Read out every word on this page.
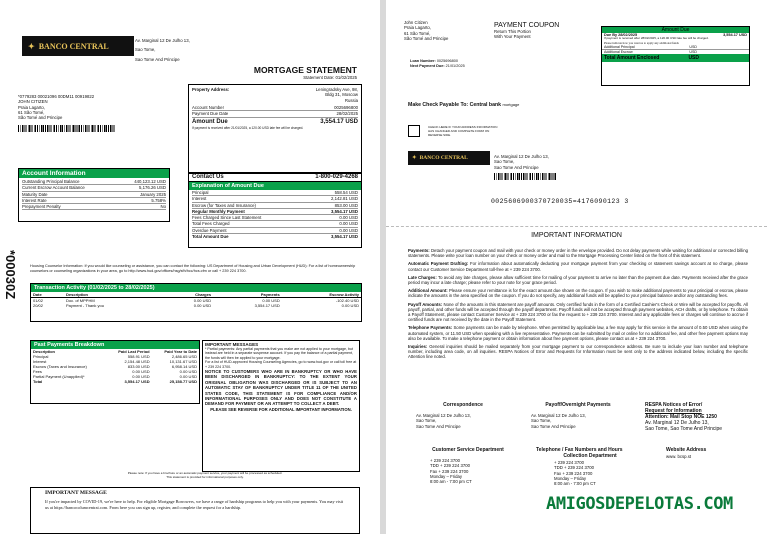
✦ BANCO CENTRAL
Av. Marginal 12 De Julho 13,
Sao Tome,
Sao Tome And Principe
MORTGAGE STATEMENT
Statement Date: 01/02/2025
*0779283 00021096 00DM11 00919822
JOHN CITIZEN
Praia Lagarto,
61 São Tomé,
São Tomé and Principe
Property Address:	Leningradsky Ave, 98,
Bldg 31, Moscow
Russia
Account Number	0025696800
Payment Due Date	28/02/2025
Amount Due	3,554.17 USD
If payment is received after 21/01/2025, a 120.00 USD late fee will be charged.
Account Information
Outstanding Principal Balance	440,123.12 USD
Current Escrow Account Balance	5,176.26 USD
Maturity Date	January 2025
Interest Rate	5.758%
Prepayment Penalty	No
Contact Us	1-800-029-4268
Explanation of Amount Due
Principal	558.54 USD
Interest	2,142.81 USD
Escrow (for Taxes and Insurance)	853.00 USD
Regular Monthly Payment	3,554.17 USD
Fees Charged Since Last Statement	0.00 USD
Total Fees Charged	0.00 USD
Overdue Payment	0.00 USD
Total Amount Due	3,554.17 USD
*00030Z	Housing Counselor Information: If you would like counseling or assistance, you can contact the following: US Department of Housing and Urban Development (HUD): For a list of homeownership counselors or counseling organizations in your area, go to http://www.hud.gov/offices/hsg/sfh/hcc/hcs.cfm or call + 239 224 3700.
Transaction Activity (01/02/2025 to 28/02/2025)
Date	Description	Charges	Payments	Escrow Activity
01/02	Doc. of MPPHM	0.00 USD	0.00 USD	-102.40 USD
20/02	Payment - Thank you	0.00 USD	3,554.17 USD	0.00 USD
Past Payments Breakdown
Description	Paid Last Period	Paid Year to Date
Principal	558.91 USD	2,486.65 USD
Interest	2,154.48 USD	10,131.67 USD
Escrow (Taxes and Insurance)	833.00 USD	6,958.14 USD
Fees	0.00 USD	0.00 USD
Partial Payment (Unapplied)*	0.00 USD	0.00 USD
Total	3,554.17 USD	25,158.77 USD
IMPORTANT MESSAGES
* Partial payments: Any partial payments that you make are not applied to your mortgage, but instead are held in a separate suspense account. If you pay the balance of a partial payment, the funds will then be applied to your mortgage.
For a list of HUD-approved Housing Counseling Agencies, go to www.hud.gov or call toll free at + 239 224 3700.
NOTICE TO CUSTOMERS WHO ARE IN BANKRUPTCY OR WHO HAVE BEEN DISCHARGED IN BANKRUPTCY: TO THE EXTENT YOUR ORIGINAL OBLIGATION WAS DISCHARGED OR IS SUBJECT TO AN AUTOMATIC STAY OF BANKRUPTCY UNDER TITLE 11 OF THE UNITED STATES CODE, THIS STATEMENT IS FOR COMPLIANCE AND/OR INFORMATIONAL PURPOSES ONLY AND DOES NOT CONSTITUTE A DEMAND FOR PAYMENT OR AN ATTEMPT TO COLLECT A DEBT.
PLEASE SEE REVERSE FOR ADDITIONAL IMPORTANT INFORMATION.
Please note: If you have a brochure or an automatic payment service, your payment will be processed as scheduled.
This statement is provided for informational purposes only.
IMPORTANT MESSAGE
If you're impacted by COVID-19, we're here to help. For eligible Mortgage Borrowers, we have a range of hardship programs to help you with your payments. You may visit us at https://bancocolumcentrai.com. From here you can sign up, register, and complete the request for a hardship.
John Citizen
Praia Lagarto,
61 São Tomé,
São Tomé and Principe
PAYMENT COUPON
Return This Portion
With Your Payment
Loan Number: 0025696800
Next Payment Due: 21/01/2025
Amount Due
Due By 28/02/2025	3,554.17 USD
If payment is received after 28/02/2025, a 120.00 USD late fee will be charged.
Please indicate how you want us to apply any additional funds
Additional Principal	USD
Additional Escrow	USD
Total Amount Enclosed	USD
Make Check Payable To: Central bank mortgage
CHECK HERE IF YOUR ADDRESS INFORMATION HAS CHANGED AND COMPLETE FORM ON REVERSE SIDE.
✦ BANCO CENTRAL	Av. Marginal 12 De Julho 13,
Sao Tome,
Sao Tome And Principe
0025606900370720035=4176090123 3
IMPORTANT INFORMATION

Payments: Detach your payment coupon and mail with your check or money order in the envelope provided. Do not delay payments while waiting for additional or corrected billing statements. Please write your loan number on your check or money order and mail to the Mortgage Processing Center listed on the front of this statement.

Automatic Payment Drafting: For information about automatically deducting your mortgage payment from your checking or statement savings account at no charge, please contact our Customer Service Department toll-free at + 239 224 3700.

Late Charges: To avoid any late charges, please allow sufficient time for mailing of your payment to arrive no later than the payment due date. Payments received after the grace period may incur a late charge; please refer to your note for your grace period.

Additional Amount: Please ensure your remittance is for the exact amount due shown on the coupon. If you wish to make additional payments to your principal or escrow, please indicate the amounts in the area specified on the coupon. If you do not specify, any additional funds will be applied to your principal balance and/or any outstanding fees.

Payoff Amounts: None of the amounts in this statement are payoff amounts. Only certified funds in the form of a Certified Cashier's Check or Wire will be accepted for payoffs. All payoff, partial, and other funds will be accepted through the payoff department. Payoff funds will not be accepted through payment websites, ACH drafts, or by telephone. To obtain a Payoff Statement, please contact Customer Service at + 239 224 3700 or fax the request to + 239 224 3700. Interest and any applicable fees or charges will continue to accrue if certified funds are not received by the date in the Payoff Statement.

Telephone Payments: Some payments can be made by telephone. When permitted by applicable law, a fee may apply for this service in the amount of 0.50 USD when using the automated system, or 11.50 USD when speaking with a live representative. Payments can be submitted by mail or online for no additional fee, and other free payment options may also be available. To make a telephone payment or obtain information about free payment options, please contact us at + 239 224 3700.

Inquiries: General inquiries should be mailed separately from your mortgage payment to our correspondence address. Be sure to include your loan number and telephone number, including area code, on all inquiries. RESPA Notices of Error and Requests for Information must be sent only to the address indicated below, including the specific Attention line noted.

Correspondence
Av. Marginal 12 De Julho 13,
Sao Tome,
Sao Tome And Principe
Payoff/Overnight Payments
Av. Marginal 12 De Julho 13,
Sao Tome,
Sao Tome And Principe
RESPA Notices of Error/
Request for Information
Attention: Mail Stop NOE 1250
Av. Marginal 12 De Julho 13,
Sao Tome, Sao Tome And Principe
Customer Service Department
+ 239 224 3700
TDD + 239 224 3700
Fax + 239 224 3700
Monday – Friday
8:00 am - 7:00 pm CT
Telephone / Fax Numbers and Hours
Collection Department
+ 239 224 3700
TDD + 239 224 3700
Fax + 239 224 3700
Monday – Friday
8:00 am - 7:00 pm CT
Website Address
www. bcsp.st
AMIGOSDEPELOTAS.COM
